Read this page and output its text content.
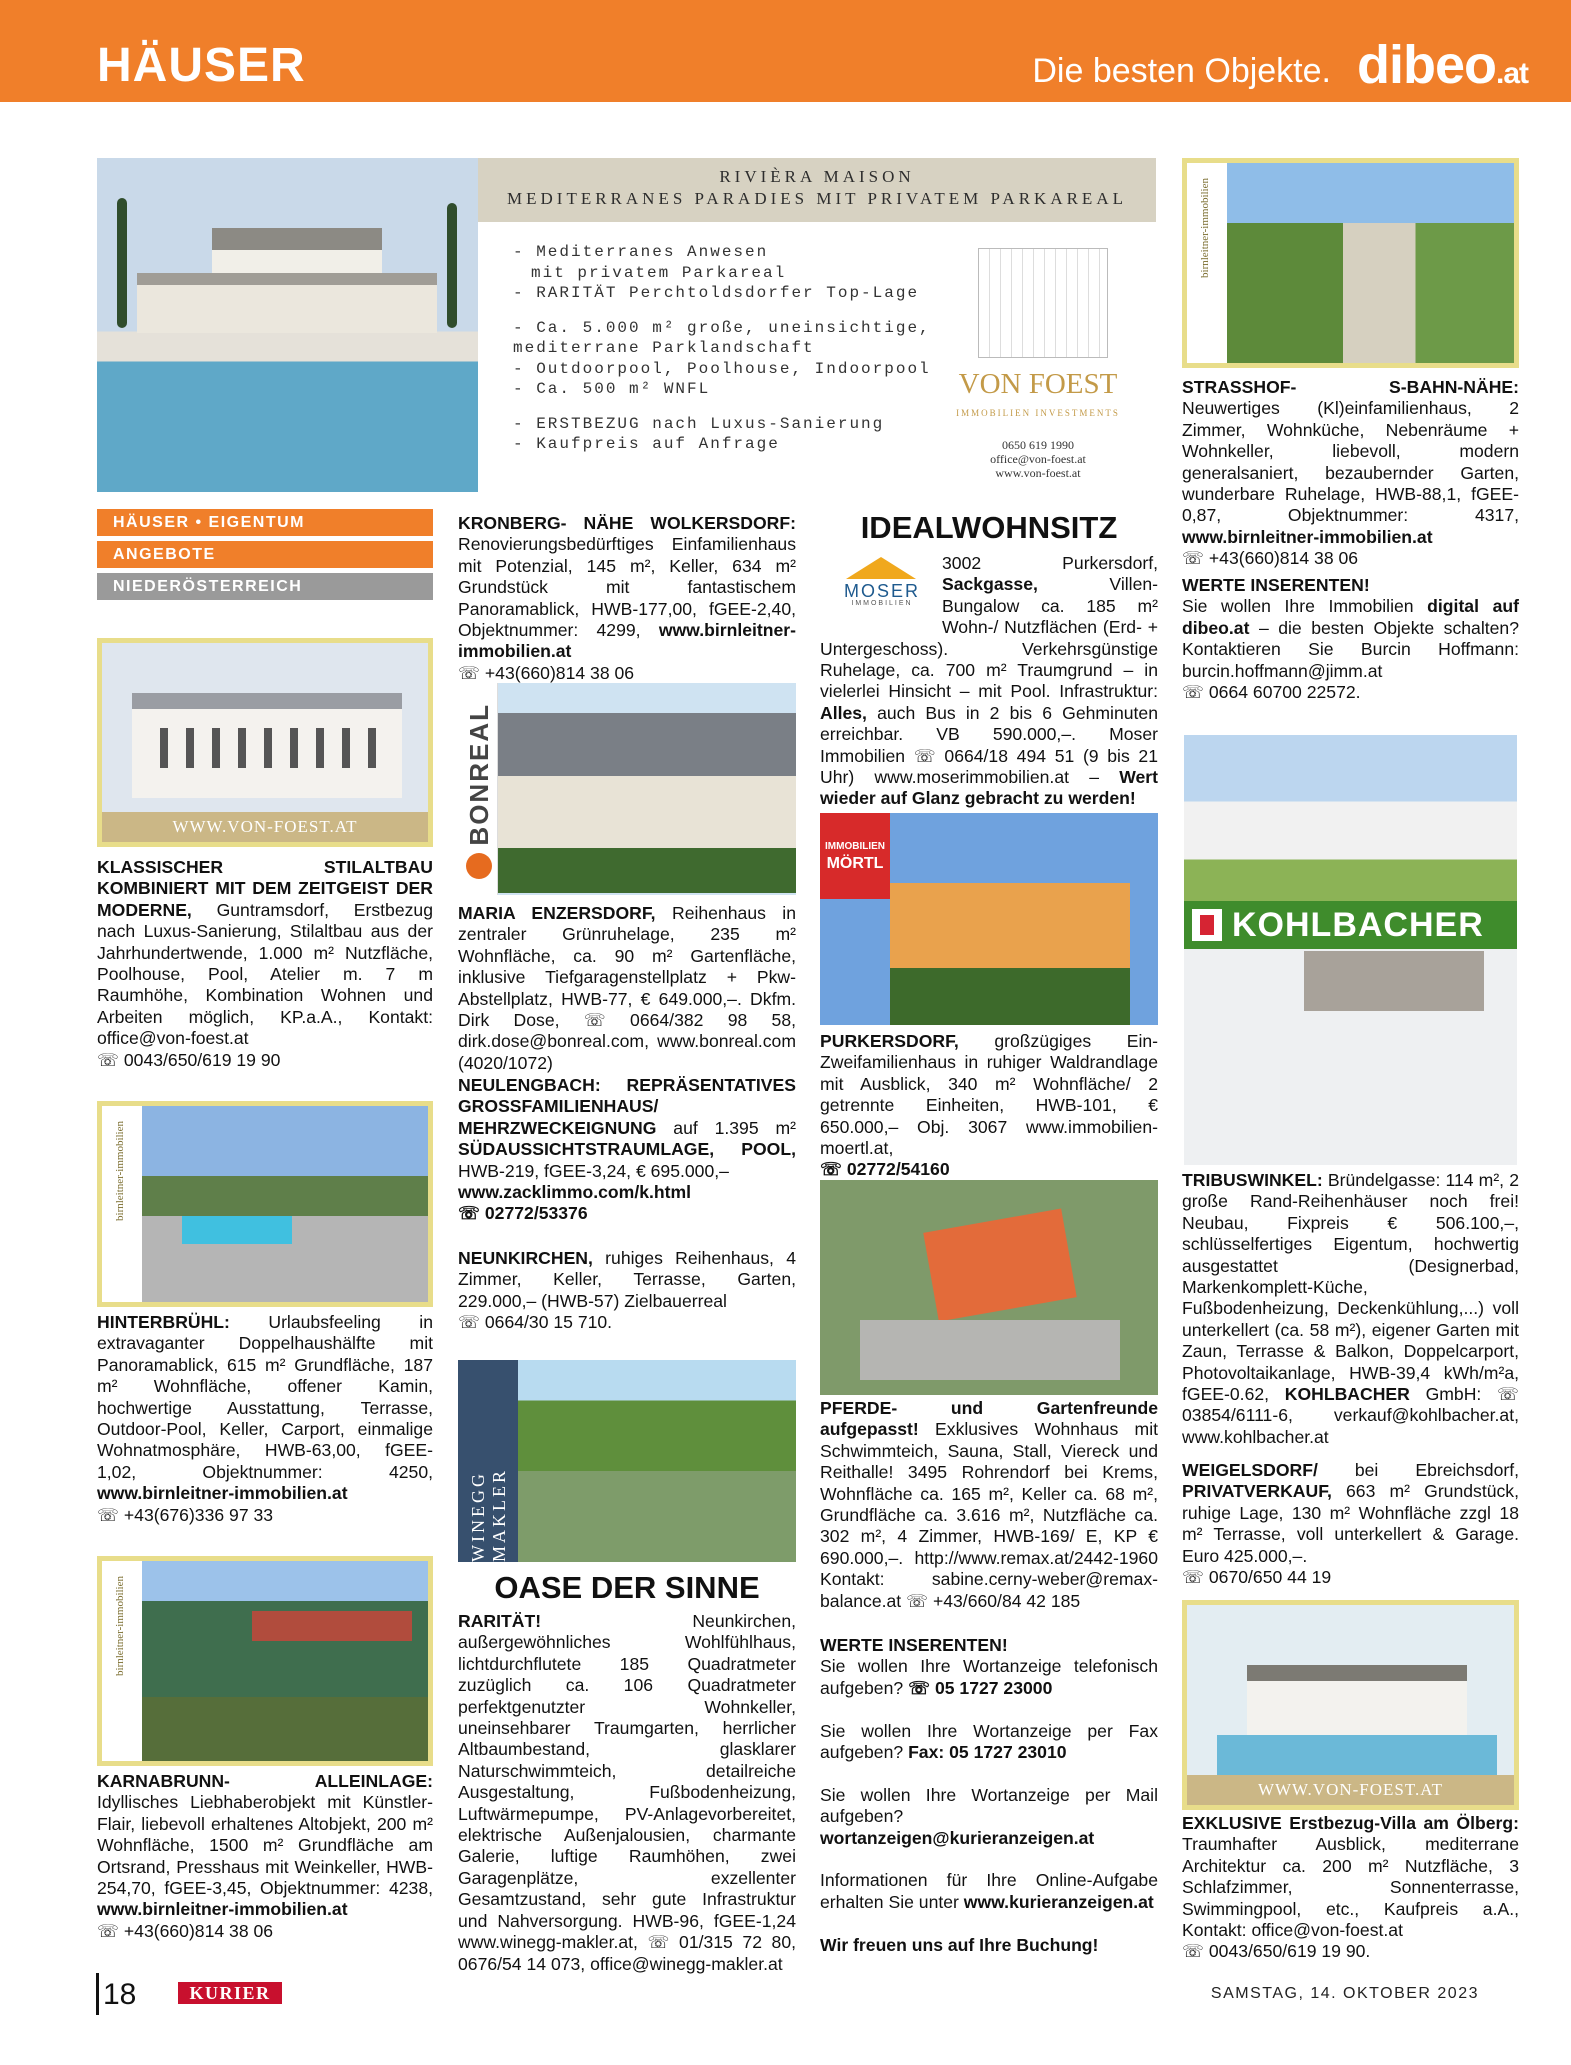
HÄUSER	Die besten Objekte. dibeo.at
RIVIÈRA MAISON
MEDITERRANES PARADIES MIT PRIVATEM PARKAREAL
- Mediterranes Anwesen
mit privatem Parkareal
- RARITÄT Perchtoldsdorfer Top-Lage
- Ca. 5.000 m² große, uneinsichtige,
mediterrane Parklandschaft
- Outdoorpool, Poolhouse, Indoorpool
- Ca. 500 m² WNFL
- ERSTBEZUG nach Luxus-Sanierung
- Kaufpreis auf Anfrage
VON FOEST
IMMOBILIEN INVESTMENTS
0650 619 1990
office@von-foest.at
www.von-foest.at
HÄUSER • EIGENTUM
ANGEBOTE
NIEDERÖSTERREICH
WWW.VON-FOEST.AT
KLASSISCHER STILALTBAU KOMBINIERT MIT DEM ZEITGEIST DER MODERNE, Guntramsdorf, Erstbezug nach Luxus-Sanierung, Stilaltbau aus der Jahrhundertwende, 1.000 m² Nutzfläche, Poolhouse, Pool, Atelier m. 7 m Raumhöhe, Kombination Wohnen und Arbeiten möglich, KP.a.A., Kontakt: office@von-foest.at
☏ 0043/650/619 19 90
birnleitner-immobilien
HINTERBRÜHL: Urlaubsfeeling in extravaganter Doppelhaushälfte mit Panoramablick, 615 m² Grundfläche, 187 m² Wohnfläche, offener Kamin, hochwertige Ausstattung, Terrasse, Outdoor-Pool, Keller, Carport, einmalige Wohnatmosphäre, HWB-63,00, fGEE-1,02, Objektnummer: 4250, www.birnleitner-immobilien.at
☏ +43(676)336 97 33
birnleitner-immobilien
KARNABRUNN- ALLEINLAGE: Idyllisches Liebhaberobjekt mit Künstler-Flair, liebevoll erhaltenes Altobjekt, 200 m² Wohnfläche, 1500 m² Grundfläche am Ortsrand, Presshaus mit Weinkeller, HWB-254,70, fGEE-3,45, Objektnummer: 4238, www.birnleitner-immobilien.at
☏ +43(660)814 38 06
KRONBERG- NÄHE WOLKERSDORF: Renovierungsbedürftiges Einfamilienhaus mit Potenzial, 145 m², Keller, 634 m² Grundstück mit fantastischem Panoramablick, HWB-177,00, fGEE-2,40, Objektnummer: 4299, www.birnleitner-immobilien.at
☏ +43(660)814 38 06
BONREAL
MARIA ENZERSDORF, Reihenhaus in zentraler Grünruhelage, 235 m² Wohnfläche, ca. 90 m² Gartenfläche, inklusive Tiefgaragenstellplatz + Pkw-Abstellplatz, HWB-77, € 649.000,–. Dkfm. Dirk Dose, ☏ 0664/382 98 58, dirk.dose@bonreal.com, www.bonreal.com (4020/1072)
NEULENGBACH: REPRÄSENTATIVES GROSSFAMILIENHAUS/ MEHRZWECKEIGNUNG auf 1.395 m² SÜDAUSSICHTSTRAUMLAGE, POOL, HWB-219, fGEE-3,24, € 695.000,–
www.zacklimmo.com/k.html
☏ 02772/53376
NEUNKIRCHEN, ruhiges Reihenhaus, 4 Zimmer, Keller, Terrasse, Garten, 229.000,– (HWB-57) Zielbauerreal
☏ 0664/30 15 710.
WINEGG MAKLER
OASE DER SINNE
RARITÄT! Neunkirchen, außergewöhnliches Wohlfühlhaus, lichtdurchflutete 185 Quadratmeter zuzüglich ca. 106 Quadratmeter perfektgenutzter Wohnkeller, uneinsehbarer Traumgarten, herrlicher Altbaumbestand, glasklarer Naturschwimmteich, detailreiche Ausgestaltung, Fußbodenheizung, Luftwärmepumpe, PV-Anlagevorbereitet, elektrische Außenjalousien, charmante Galerie, luftige Raumhöhen, zwei Garagenplätze, exzellenter Gesamtzustand, sehr gute Infrastruktur und Nahversorgung. HWB-96, fGEE-1,24 www.winegg-makler.at, ☏ 01/315 72 80, 0676/54 14 073, office@winegg-makler.at
IDEALWOHNSITZ
MOSER
IMMOBILIEN
3002 Purkersdorf, Sackgasse, Villen-Bungalow ca. 185 m² Wohn-/ Nutzflächen (Erd- + Untergeschoss). Verkehrsgünstige Ruhelage, ca. 700 m² Traumgrund – in vielerlei Hinsicht – mit Pool. Infrastruktur: Alles, auch Bus in 2 bis 6 Gehminuten erreichbar. VB 590.000,–. Moser Immobilien ☏ 0664/18 494 51 (9 bis 21 Uhr) www.moserimmobilien.at – Wert wieder auf Glanz gebracht zu werden!
IMMOBILIEN
MÖRTL
PURKERSDORF, großzügiges Ein-Zweifamilienhaus in ruhiger Waldrandlage mit Ausblick, 340 m² Wohnfläche/ 2 getrennte Einheiten, HWB-101, € 650.000,– Obj. 3067 www.immobilien-moertl.at,
☏ 02772/54160
PFERDE- und Gartenfreunde aufgepasst! Exklusives Wohnhaus mit Schwimmteich, Sauna, Stall, Viereck und Reithalle! 3495 Rohrendorf bei Krems, Wohnfläche ca. 165 m², Keller ca. 68 m², Grundfläche ca. 3.616 m², Nutzfläche ca. 302 m², 4 Zimmer, HWB-169/ E, KP € 690.000,–. http://www.remax.at/2442-1960 Kontakt: sabine.cerny-weber@remax-balance.at ☏ +43/660/84 42 185
WERTE INSERENTEN!
Sie wollen Ihre Wortanzeige telefonisch aufgeben? ☏ 05 1727 23000

Sie wollen Ihre Wortanzeige per Fax aufgeben? Fax: 05 1727 23010

Sie wollen Ihre Wortanzeige per Mail aufgeben? wortanzeigen@kurieranzeigen.at

Informationen für Ihre Online-Aufgabe erhalten Sie unter www.kurieranzeigen.at

Wir freuen uns auf Ihre Buchung!
birnleitner-immobilien
STRASSHOF- S-BAHN-NÄHE: Neuwertiges (Kl)einfamilienhaus, 2 Zimmer, Wohnküche, Nebenräume + Wohnkeller, liebevoll, modern generalsaniert, bezaubernder Garten, wunderbare Ruhelage, HWB-88,1, fGEE-0,87, Objektnummer: 4317, www.birnleitner-immobilien.at
☏ +43(660)814 38 06
WERTE INSERENTEN!
Sie wollen Ihre Immobilien digital auf dibeo.at – die besten Objekte schalten? Kontaktieren Sie Burcin Hoffmann: burcin.hoffmann@jimm.at
☏ 0664 60700 22572.
KOHLBACHER
TRIBUSWINKEL: Bründelgasse: 114 m², 2 große Rand-Reihenhäuser noch frei! Neubau, Fixpreis € 506.100,–, schlüsselfertiges Eigentum, hochwertig ausgestattet (Designerbad, Markenkomplett-Küche, Fußbodenheizung, Deckenkühlung,...) voll unterkellert (ca. 58 m²), eigener Garten mit Zaun, Terrasse & Balkon, Doppelcarport, Photovoltaikanlage, HWB-39,4 kWh/m²a, fGEE-0.62, KOHLBACHER GmbH: ☏ 03854/6111-6, verkauf@kohlbacher.at, www.kohlbacher.at
WEIGELSDORF/ bei Ebreichsdorf, PRIVATVERKAUF, 663 m² Grundstück, ruhige Lage, 130 m² Wohnfläche zzgl 18 m² Terrasse, voll unterkellert & Garage. Euro 425.000,–.
☏ 0670/650 44 19
WWW.VON-FOEST.AT
EXKLUSIVE Erstbezug-Villa am Ölberg: Traumhafter Ausblick, mediterrane Architektur ca. 200 m² Nutzfläche, 3 Schlafzimmer, Sonnenterrasse, Swimmingpool, etc., Kaufpreis a.A., Kontakt: office@von-foest.at
☏ 0043/650/619 19 90.
18	KURIER	SAMSTAG, 14. OKTOBER 2023
